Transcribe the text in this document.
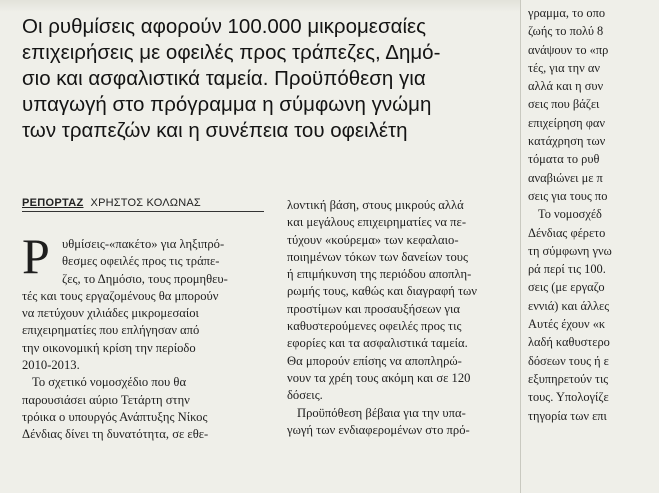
Οι ρυθμίσεις αφορούν 100.000 μικρομεσαίες
επιχειρήσεις με οφειλές προς τράπεζες, Δημό-
σιο και ασφαλιστικά ταμεία. Προϋπόθεση για
υπαγωγή στο πρόγραμμα η σύμφωνη γνώμη
των τραπεζών και η συνέπεια του οφειλέτη
ΡΕΠΟΡΤΑΖ ΧΡΗΣΤΟΣ ΚΟΛΩΝΑΣ
Ρ υθμίσεις-«πακέτο» για ληξιπρό-
θεσμες οφειλές προς τις τράπε-
ζες, το Δημόσιο, τους προμηθευ-
τές και τους εργαζομένους θα μπορούν
να πετύχουν χιλιάδες μικρομεσαίοι
επιχειρηματίες που επλήγησαν από
την οικονομική κρίση την περίοδο
2010-2013.
Το σχετικό νομοσχέδιο που θα
παρουσιάσει αύριο Τετάρτη στην
τρόικα ο υπουργός Ανάπτυξης Νίκος
Δένδιας δίνει τη δυνατότητα, σε εθε-
λοντική βάση, στους μικρούς αλλά
και μεγάλους επιχειρηματίες να πε-
τύχουν «κούρεμα» των κεφαλαιο-
ποιημένων τόκων των δανείων τους
ή επιμήκυνση της περιόδου αποπλη-
ρωμής τους, καθώς και διαγραφή των
προστίμων και προσαυξήσεων για
καθυστερούμενες οφειλές προς τις
εφορίες και τα ασφαλιστικά ταμεία.
Θα μπορούν επίσης να αποπληρώ-
νουν τα χρέη τους ακόμη και σε 120
δόσεις.
Προϋπόθεση βέβαια για την υπα-
γωγή των ενδιαφερομένων στο πρό-
γραμμα, το οπο
ζωής το πολύ 8
ανάψουν το «πρ
τές, για την αν
αλλά και η συν
σεις που βάζει
επιχείρηση φαν
κατάχρηση των
τόματα το ρυθ
αναβιώνει με π
σεις για τους πο
Το νομοσχέδ
Δένδιας φέρετο
τη σύμφωνη γνω
ρά περί τις 100.
σεις (με εργαζο
εννιά) και άλλες
Αυτές έχουν «κ
λαδή καθυστερο
δόσεων τους ή ε
εξυπηρετούν τις
τους. Υπολογίζε
τηγορία των επι
